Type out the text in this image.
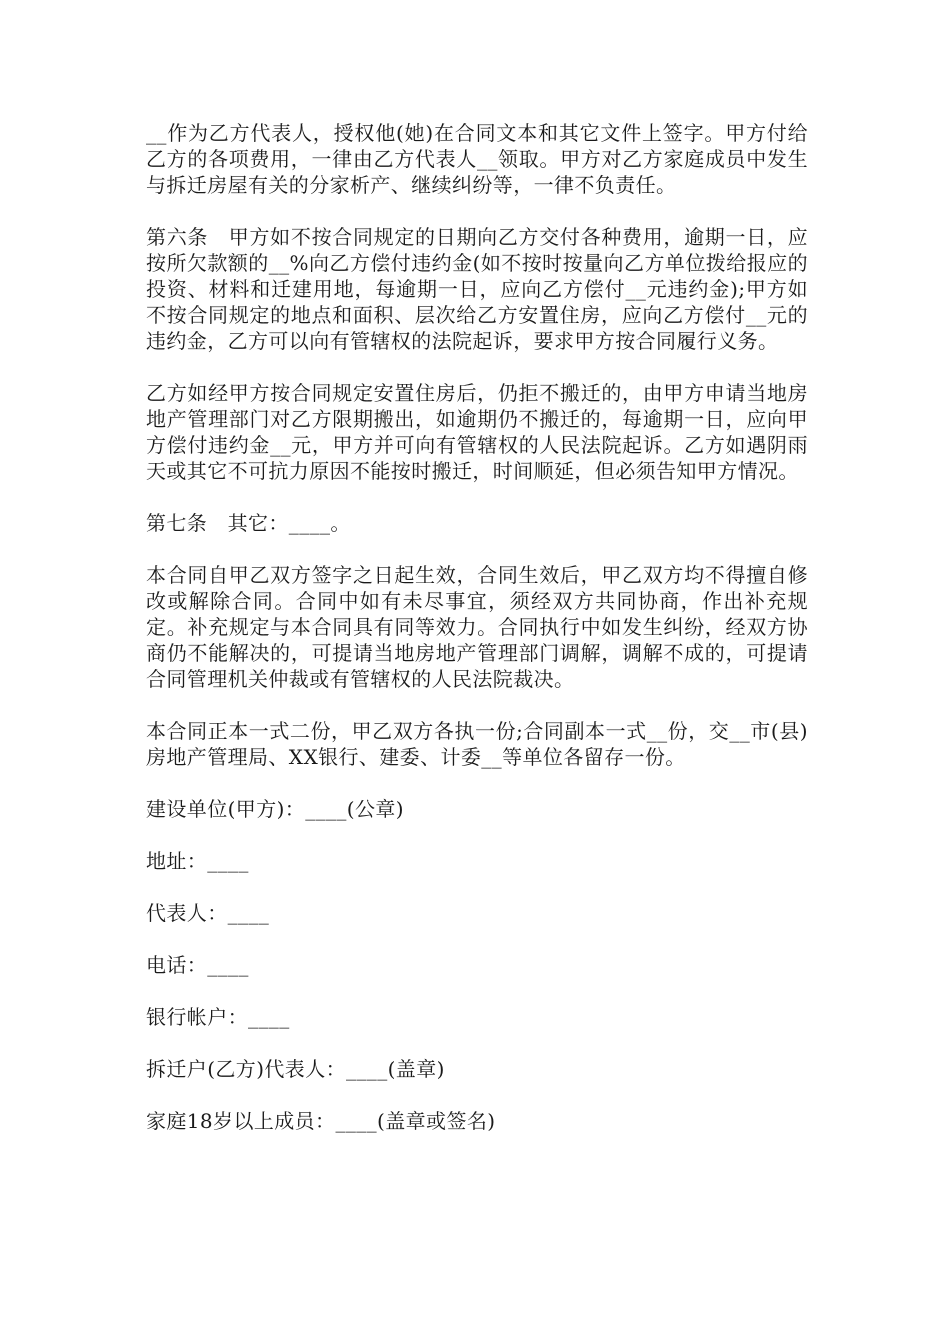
__作为乙方代表人，授权他(她)在合同文本和其它文件上签字。甲方付给乙方的各项费用，一律由乙方代表人__领取。甲方对乙方家庭成员中发生与拆迁房屋有关的分家析产、继续纠纷等，一律不负责任。

第六条　甲方如不按合同规定的日期向乙方交付各种费用，逾期一日，应按所欠款额的__%向乙方偿付违约金(如不按时按量向乙方单位拨给报应的投资、材料和迁建用地，每逾期一日，应向乙方偿付__元违约金);甲方如不按合同规定的地点和面积、层次给乙方安置住房，应向乙方偿付__元的违约金，乙方可以向有管辖权的法院起诉，要求甲方按合同履行义务。

乙方如经甲方按合同规定安置住房后，仍拒不搬迁的，由甲方申请当地房地产管理部门对乙方限期搬出，如逾期仍不搬迁的，每逾期一日，应向甲方偿付违约金__元，甲方并可向有管辖权的人民法院起诉。乙方如遇阴雨天或其它不可抗力原因不能按时搬迁，时间顺延，但必须告知甲方情况。

第七条　其它：____。

本合同自甲乙双方签字之日起生效，合同生效后，甲乙双方均不得擅自修改或解除合同。合同中如有未尽事宜，须经双方共同协商，作出补充规定。补充规定与本合同具有同等效力。合同执行中如发生纠纷，经双方协商仍不能解决的，可提请当地房地产管理部门调解，调解不成的，可提请合同管理机关仲裁或有管辖权的人民法院裁决。

本合同正本一式二份，甲乙双方各执一份;合同副本一式__份，交__市(县)房地产管理局、XX银行、建委、计委__等单位各留存一份。

建设单位(甲方)：____(公章)
地址：____
代表人：____
电话：____
银行帐户：____
拆迁户(乙方)代表人：____(盖章)
家庭18岁以上成员：____(盖章或签名)
